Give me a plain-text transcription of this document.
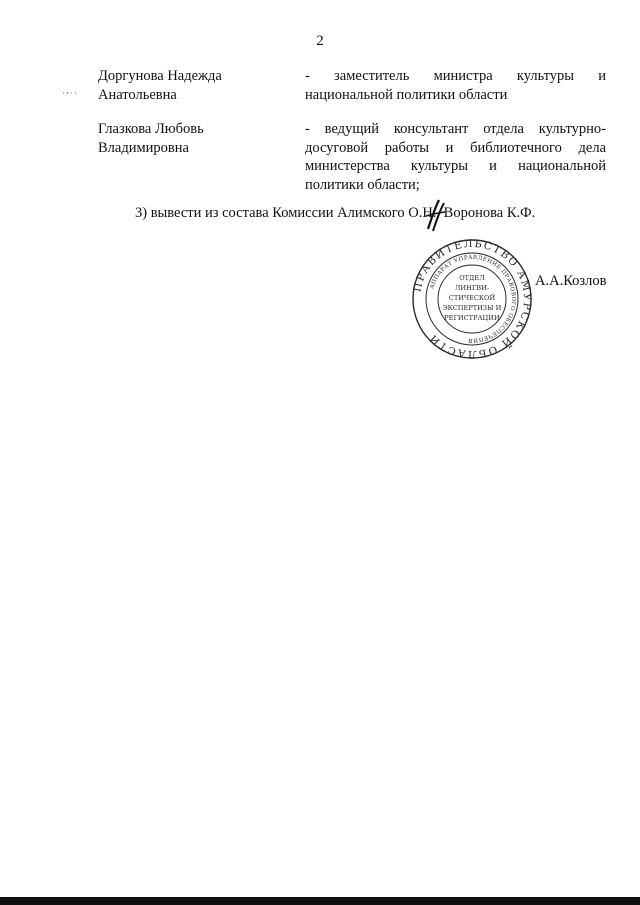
·ꞏ··
2
Доргунова Надежда
Анатольевна
- заместитель министра культуры и
национальной политики области
Глазкова Любовь
Владимировна
- ведущий консультант отдела культурно-
досуговой работы и библиотечного дела
министерства культуры и национальной
политики области;
3) вывести из состава Комиссии Алимского О.Н., Воронова К.Ф.
ПРАВИТЕЛЬСТВО АМУРСКОЙ ОБЛАСТИ
АППАРАТ УПРАВЛЕНИЕ ПРАВОВОГО ОБЕСПЕЧЕНИЯ
ОТДЕЛ
ЛИНГВИ-
СТИЧЕСКОЙ
ЭКСПЕРТИЗЫ И
РЕГИСТРАЦИИ
А.А.Козлов
